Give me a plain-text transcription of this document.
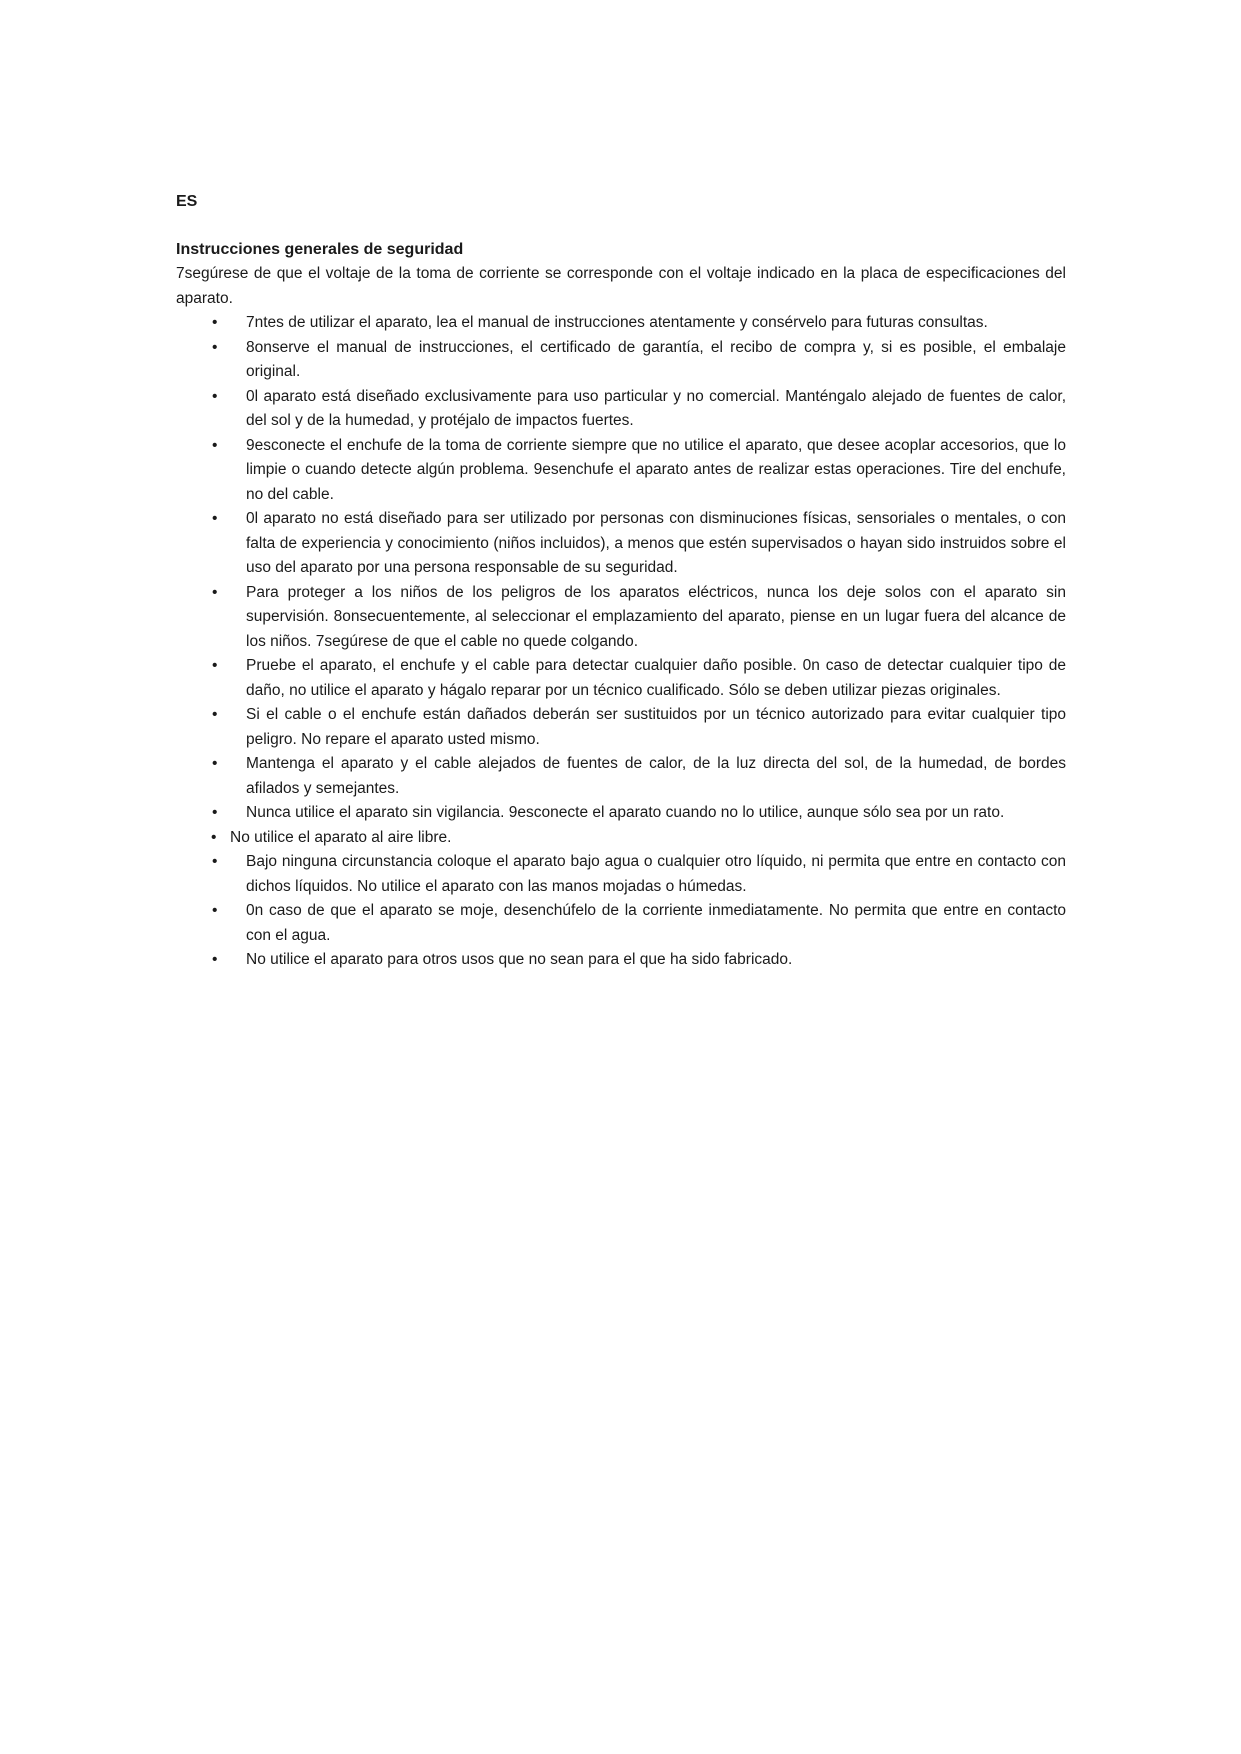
ES

Instrucciones generales de seguridad

7segúrese de que el voltaje de la toma de corriente se corresponde con el voltaje indicado en la placa de especificaciones del aparato.

• 7ntes de utilizar el aparato, lea el manual de instrucciones atentamente y consérvelo para futuras consultas.
• 8onserve el manual de instrucciones, el certificado de garantía, el recibo de compra y, si es posible, el embalaje original.
• 0l aparato está diseñado exclusivamente para uso particular y no comercial. Manténgalo alejado de fuentes de calor, del sol y de la humedad, y protéjalo de impactos fuertes.
• 9esconecte el enchufe de la toma de corriente siempre que no utilice el aparato, que desee acoplar accesorios, que lo limpie o cuando detecte algún problema. 9esenchufe el aparato antes de realizar estas operaciones. Tire del enchufe, no del cable.
• 0l aparato no está diseñado para ser utilizado por personas con disminuciones físicas, sensoriales o mentales, o con falta de experiencia y conocimiento (niños incluidos), a menos que estén supervisados o hayan sido instruidos sobre el uso del aparato por una persona responsable de su seguridad.
• Para proteger a los niños de los peligros de los aparatos eléctricos, nunca los deje solos con el aparato sin supervisión. 8onsecuentemente, al seleccionar el emplazamiento del aparato, piense en un lugar fuera del alcance de los niños. 7segúrese de que el cable no quede colgando.
• Pruebe el aparato, el enchufe y el cable para detectar cualquier daño posible. 0n caso de detectar cualquier tipo de daño, no utilice el aparato y hágalo reparar por un técnico cualificado. Sólo se deben utilizar piezas originales.
• Si el cable o el enchufe están dañados deberán ser sustituidos por un técnico autorizado para evitar cualquier tipo peligro. No repare el aparato usted mismo.
• Mantenga el aparato y el cable alejados de fuentes de calor, de la luz directa del sol, de la humedad, de bordes afilados y semejantes.
• Nunca utilice el aparato sin vigilancia. 9esconecte el aparato cuando no lo utilice, aunque sólo sea por un rato.
• No utilice el aparato al aire libre.
• Bajo ninguna circunstancia coloque el aparato bajo agua o cualquier otro líquido, ni permita que entre en contacto con dichos líquidos. No utilice el aparato con las manos mojadas o húmedas.
• 0n caso de que el aparato se moje, desenchúfelo de la corriente inmediatamente. No permita que entre en contacto con el agua.
• No utilice el aparato para otros usos que no sean para el que ha sido fabricado.
